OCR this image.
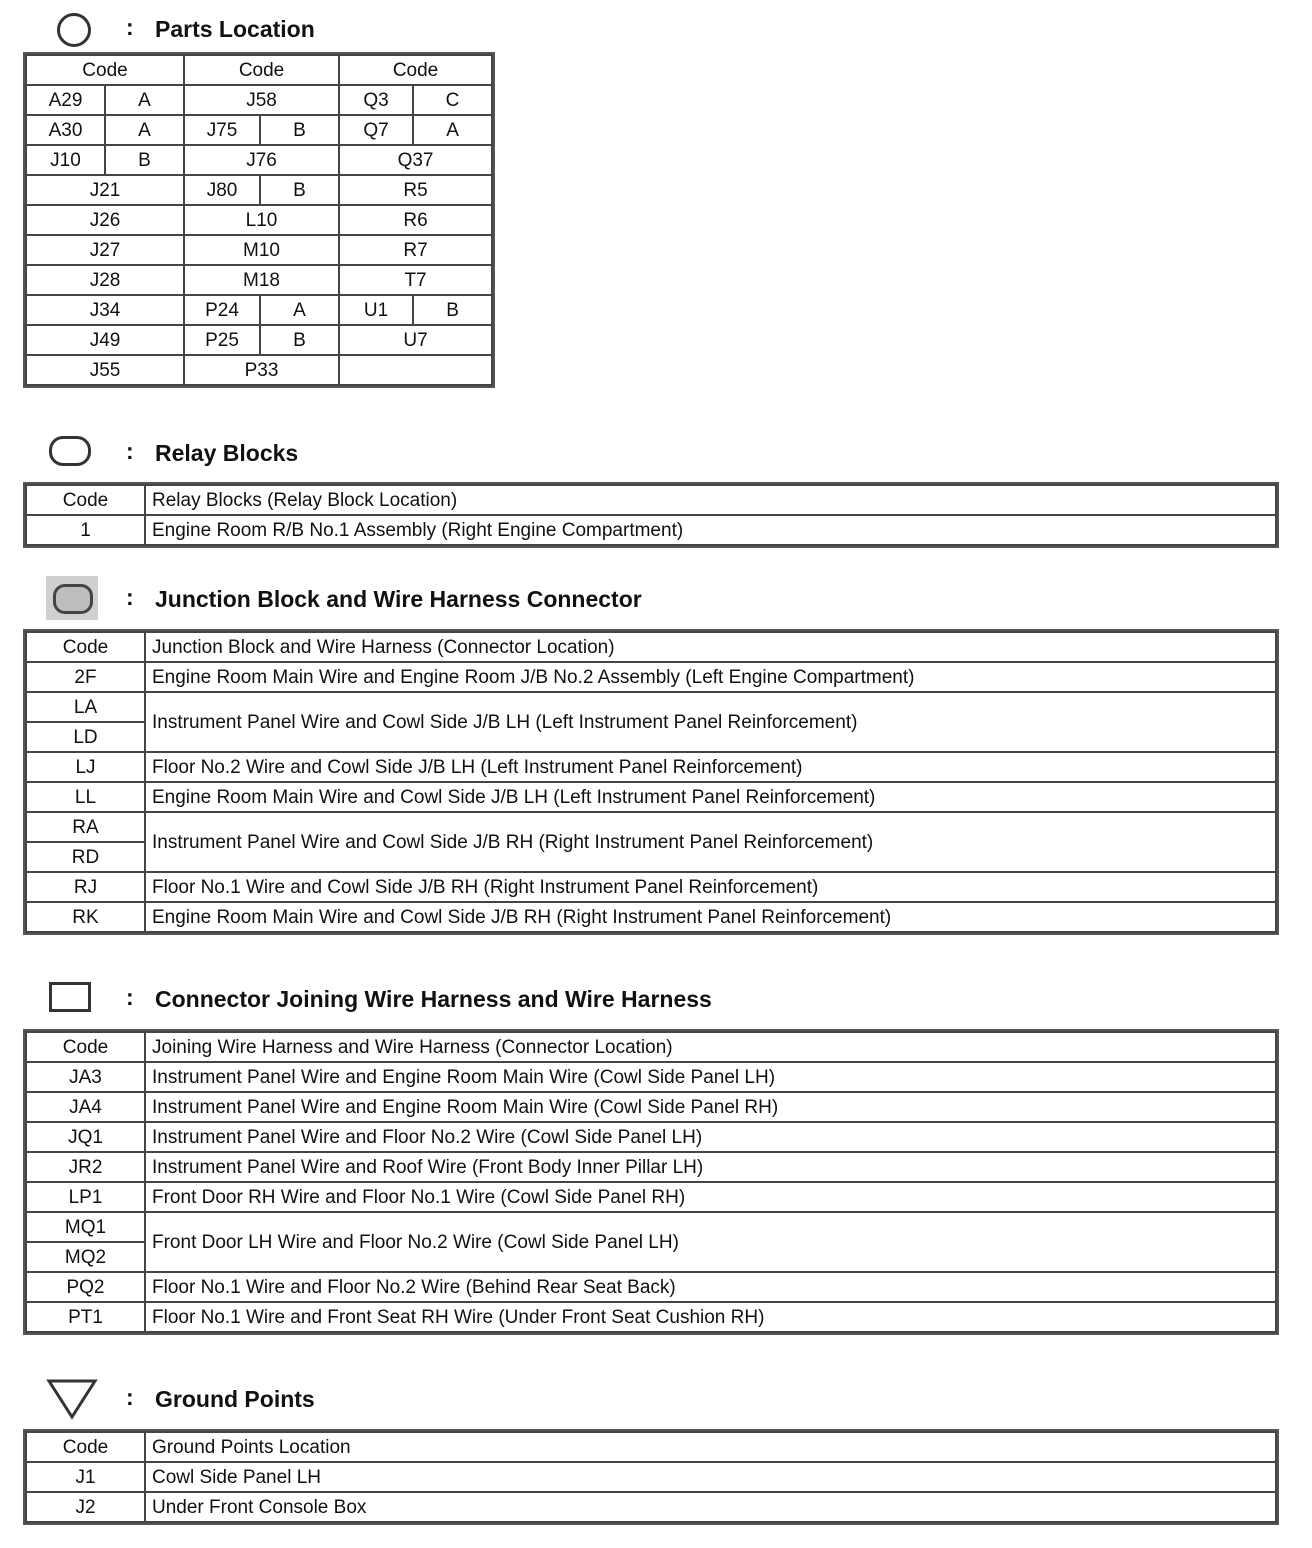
: Parts Location
Code		Code		Code	
A29	A	J58		Q3	C
A30	A	J75	B	Q7	A
J10	B	J76		Q37	
J21		J80	B	R5	
J26		L10		R6	
J27		M10		R7	
J28		M18		T7	
J34		P24	A	U1	B
J49		P25	B	U7	
J55		P33			
: Relay Blocks
Code	Relay Blocks (Relay Block Location)
1	Engine Room R/B No.1 Assembly (Right Engine Compartment)
: Junction Block and Wire Harness Connector
Code	Junction Block and Wire Harness (Connector Location)
2F	Engine Room Main Wire and Engine Room J/B No.2 Assembly (Left Engine Compartment)
LA	Instrument Panel Wire and Cowl Side J/B LH (Left Instrument Panel Reinforcement)
LD	
LJ	Floor No.2 Wire and Cowl Side J/B LH (Left Instrument Panel Reinforcement)
LL	Engine Room Main Wire and Cowl Side J/B LH (Left Instrument Panel Reinforcement)
RA	Instrument Panel Wire and Cowl Side J/B RH (Right Instrument Panel Reinforcement)
RD	
RJ	Floor No.1 Wire and Cowl Side J/B RH (Right Instrument Panel Reinforcement)
RK	Engine Room Main Wire and Cowl Side J/B RH (Right Instrument Panel Reinforcement)
: Connector Joining Wire Harness and Wire Harness
Code	Joining Wire Harness and Wire Harness (Connector Location)
JA3	Instrument Panel Wire and Engine Room Main Wire (Cowl Side Panel LH)
JA4	Instrument Panel Wire and Engine Room Main Wire (Cowl Side Panel RH)
JQ1	Instrument Panel Wire and Floor No.2 Wire (Cowl Side Panel LH)
JR2	Instrument Panel Wire and Roof Wire (Front Body Inner Pillar LH)
LP1	Front Door RH Wire and Floor No.1 Wire (Cowl Side Panel RH)
MQ1	Front Door LH Wire and Floor No.2 Wire (Cowl Side Panel LH)
MQ2	
PQ2	Floor No.1 Wire and Floor No.2 Wire (Behind Rear Seat Back)
PT1	Floor No.1 Wire and Front Seat RH Wire (Under Front Seat Cushion RH)
: Ground Points
Code	Ground Points Location
J1	Cowl Side Panel LH
J2	Under Front Console Box
